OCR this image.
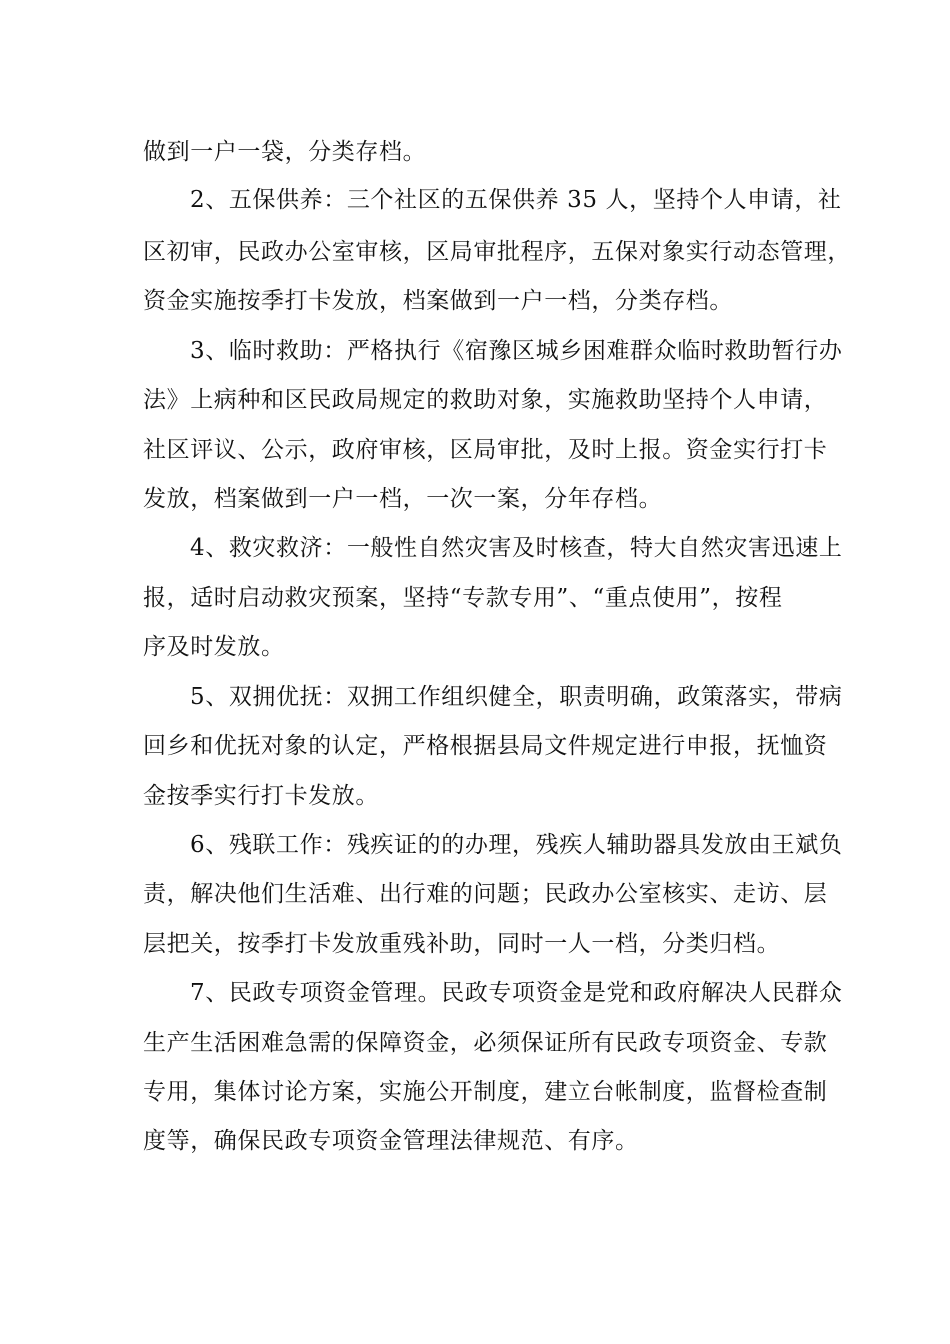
做到一户一袋，分类存档。
2、五保供养：三个社区的五保供养 35 人，坚持个人申请，社
区初审，民政办公室审核，区局审批程序，五保对象实行动态管理，
资金实施按季打卡发放，档案做到一户一档，分类存档。
3、临时救助：严格执行《宿豫区城乡困难群众临时救助暂行办
法》上病种和区民政局规定的救助对象，实施救助坚持个人申请，
社区评议、公示，政府审核，区局审批，及时上报。资金实行打卡
发放，档案做到一户一档，一次一案，分年存档。
4、救灾救济：一般性自然灾害及时核查，特大自然灾害迅速上
报，适时启动救灾预案，坚持“专款专用”、“重点使用”，按程
序及时发放。
5、双拥优抚：双拥工作组织健全，职责明确，政策落实，带病
回乡和优抚对象的认定，严格根据县局文件规定进行申报，抚恤资
金按季实行打卡发放。
6、残联工作：残疾证的的办理，残疾人辅助器具发放由王斌负
责，解决他们生活难、出行难的问题；民政办公室核实、走访、层
层把关，按季打卡发放重残补助，同时一人一档，分类归档。
7、民政专项资金管理。民政专项资金是党和政府解决人民群众
生产生活困难急需的保障资金，必须保证所有民政专项资金、专款
专用，集体讨论方案，实施公开制度，建立台帐制度，监督检查制
度等，确保民政专项资金管理法律规范、有序。
